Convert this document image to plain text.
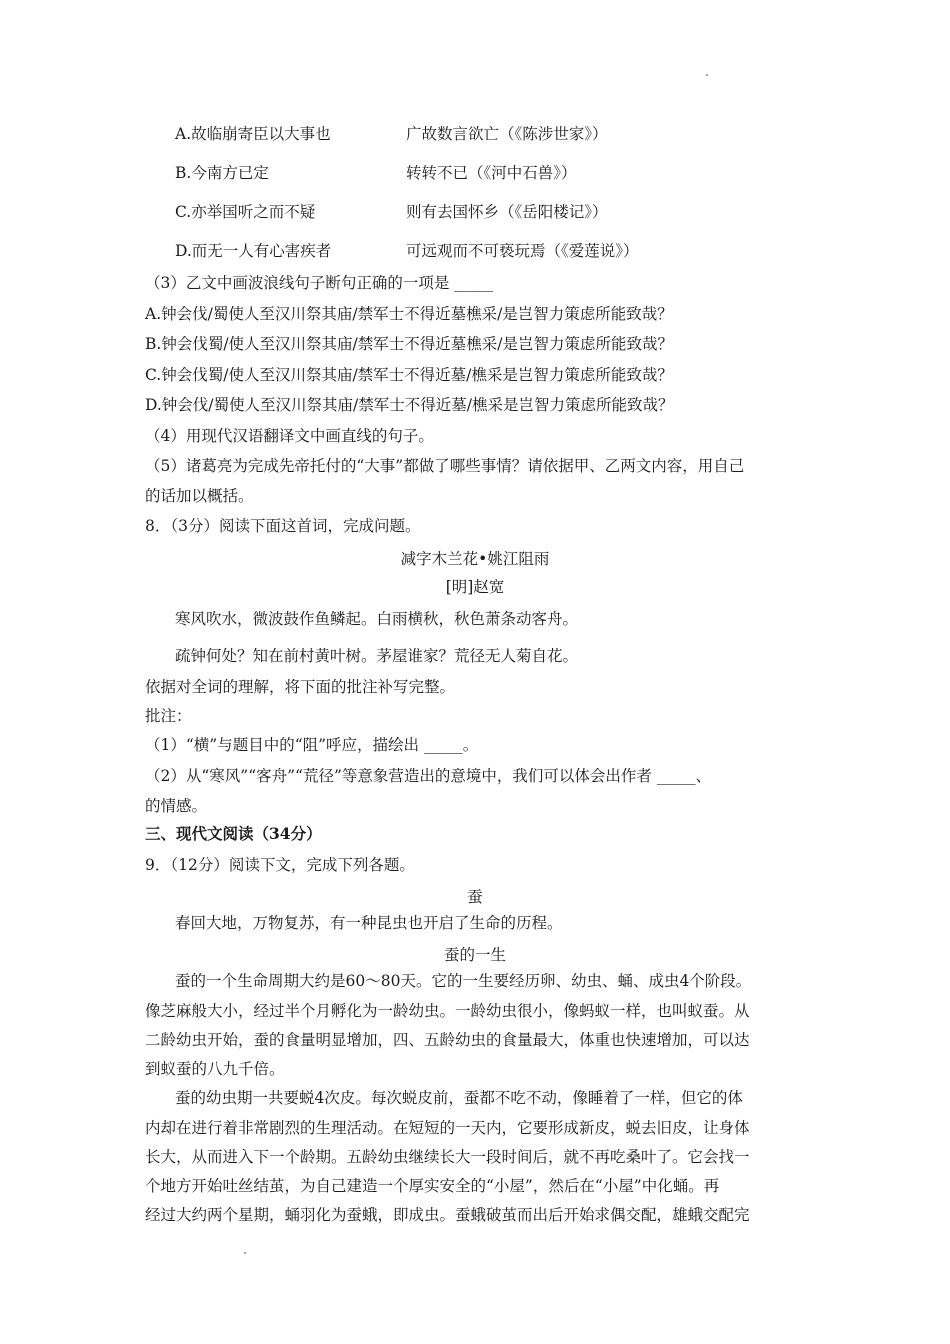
A.故临崩寄臣以大事也	广故数言欲亡（《陈涉世家》）
B.今南方已定	转转不已（《河中石兽》）
C.亦举国听之而不疑	则有去国怀乡（《岳阳楼记》）
D.而无一人有心害疾者	可远观而不可亵玩焉（《爱莲说》）
（3）乙文中画波浪线句子断句正确的一项是 _____
A.钟会伐/蜀使人至汉川祭其庙/禁军士不得近墓樵采/是岂智力策虑所能致哉？
B.钟会伐蜀/使人至汉川祭其庙/禁军士不得近墓樵采/是岂智力策虑所能致哉？
C.钟会伐蜀/使人至汉川祭其庙/禁军士不得近墓/樵采是岂智力策虑所能致哉？
D.钟会伐/蜀使人至汉川祭其庙/禁军士不得近墓/樵采是岂智力策虑所能致哉？
（4）用现代汉语翻译文中画直线的句子。
（5）诸葛亮为完成先帝托付的“大事”都做了哪些事情？请依据甲、乙两文内容，用自己
的话加以概括。
8．（3分）阅读下面这首词，完成问题。
减字木兰花•姚江阻雨
[明]赵宽
寒风吹水，微波鼓作鱼鳞起。白雨横秋，秋色萧条动客舟。
疏钟何处？知在前村黄叶树。茅屋谁家？荒径无人菊自花。
依据对全词的理解，将下面的批注补写完整。
批注：
（1）“横”与题目中的“阻”呼应，描绘出 _____。
（2）从“寒风”“客舟”“荒径”等意象营造出的意境中，我们可以体会出作者 _____、
的情感。
三、现代文阅读（34分）
9．（12分）阅读下文，完成下列各题。
蚕
春回大地，万物复苏，有一种昆虫也开启了生命的历程。
蚕的一生
蚕的一个生命周期大约是60～80天。它的一生要经历卵、幼虫、蛹、成虫4个阶段。
像芝麻般大小，经过半个月孵化为一龄幼虫。一龄幼虫很小，像蚂蚁一样，也叫蚁蚕。从
二龄幼虫开始，蚕的食量明显增加，四、五龄幼虫的食量最大，体重也快速增加，可以达
到蚁蚕的八九千倍。
蚕的幼虫期一共要蜕4次皮。每次蜕皮前，蚕都不吃不动，像睡着了一样，但它的体
内却在进行着非常剧烈的生理活动。在短短的一天内，它要形成新皮，蜕去旧皮，让身体
长大，从而进入下一个龄期。五龄幼虫继续长大一段时间后，就不再吃桑叶了。它会找一
个地方开始吐丝结茧，为自己建造一个厚实安全的“小屋”，然后在“小屋”中化蛹。再
经过大约两个星期，蛹羽化为蚕蛾，即成虫。蚕蛾破茧而出后开始求偶交配，雄蛾交配完
